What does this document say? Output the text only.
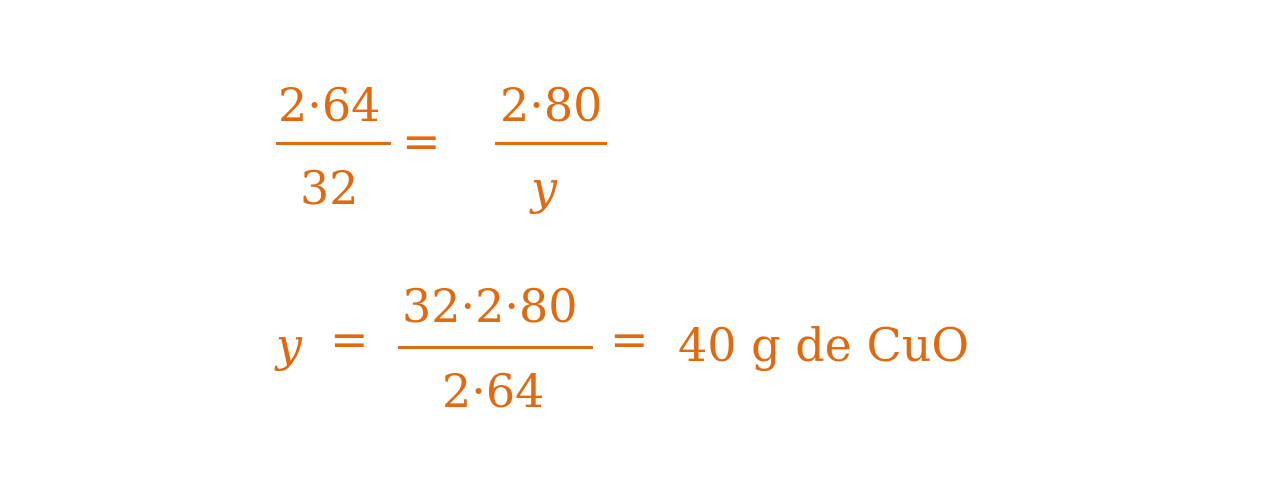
2·64
32
=
2·80
y
y =
32·2·80
2·64
= 40 g de CuO
